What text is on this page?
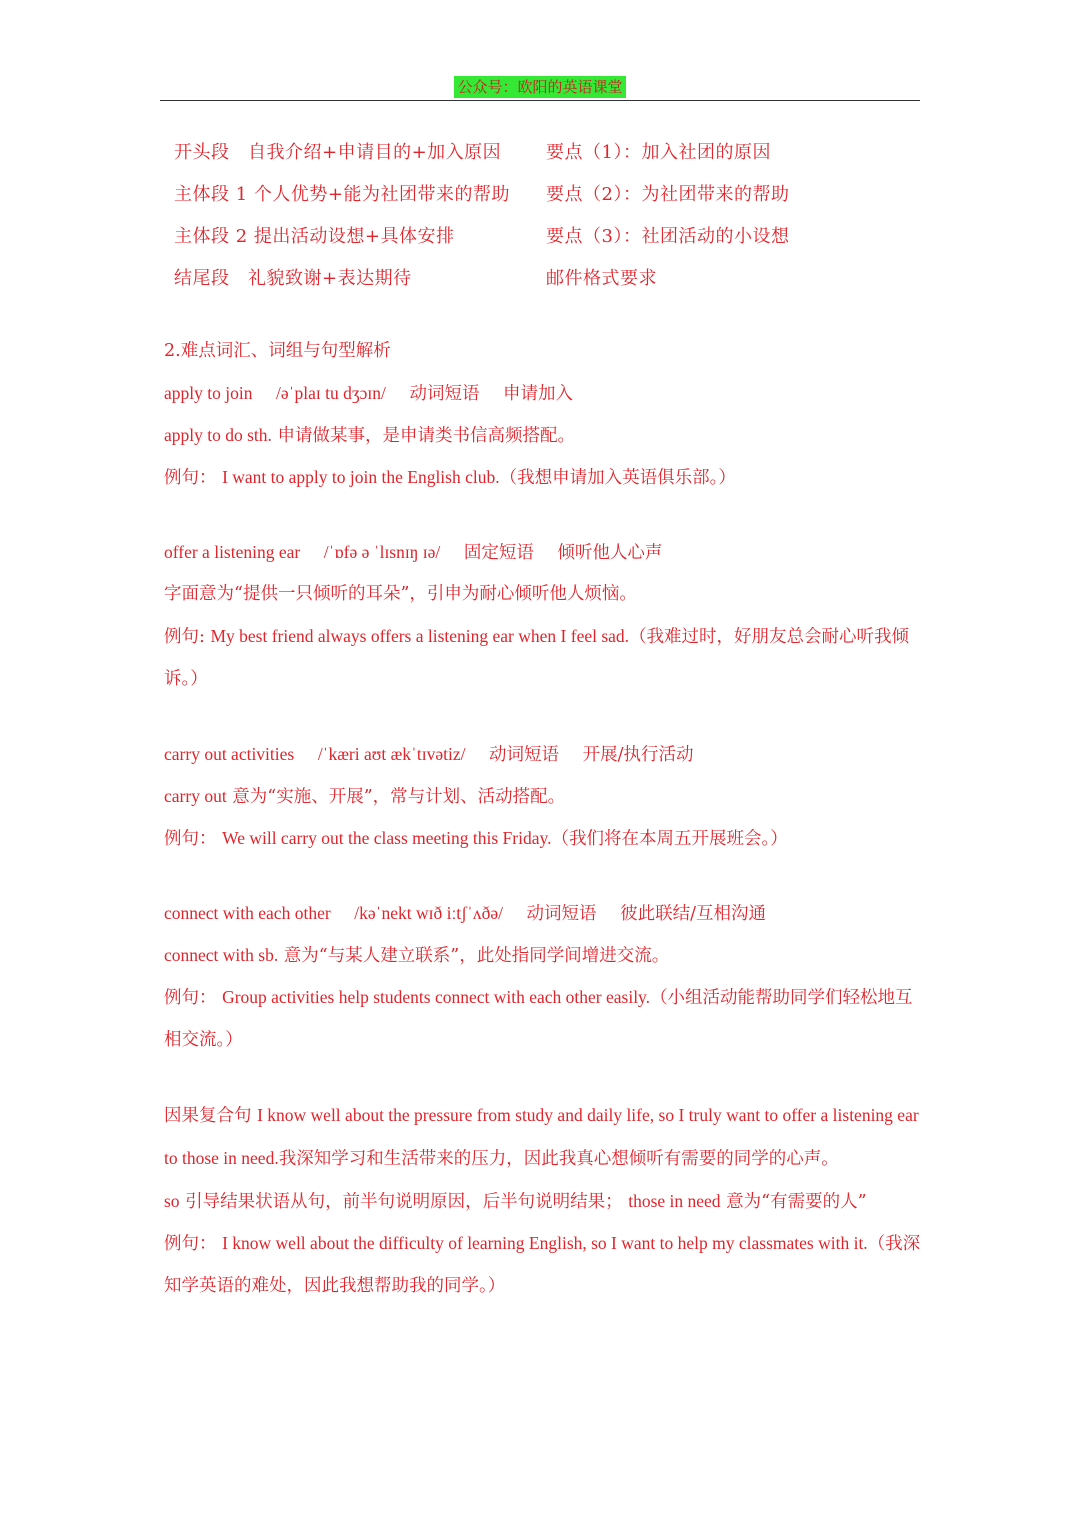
公众号：欧阳的英语课堂
开头段　自我介绍+申请目的+加入原因	要点（1）：加入社团的原因
主体段 1 个人优势+能为社团带来的帮助	要点（2）：为社团带来的帮助
主体段 2 提出活动设想+具体安排	要点（3）：社团活动的小设想
结尾段　礼貌致谢+表达期待	邮件格式要求
2.难点词汇、词组与句型解析
apply to join /əˈplaɪ tu dʒɔɪn/ 动词短语 申请加入
apply to do sth. 申请做某事，是申请类书信高频搭配。
例句： I want to apply to join the English club.（我想申请加入英语俱乐部。）
offer a listening ear /ˈɒfə ə ˈlɪsnɪŋ ɪə/ 固定短语 倾听他人心声
字面意为“提供一只倾听的耳朵”，引申为耐心倾听他人烦恼。
例句: My best friend always offers a listening ear when I feel sad.（我难过时，好朋友总会耐心听我倾诉。）
carry out activities /ˈkæri aʊt ækˈtɪvətiz/ 动词短语 开展/执行活动
carry out 意为“实施、开展”，常与计划、活动搭配。
例句： We will carry out the class meeting this Friday.（我们将在本周五开展班会。）
connect with each other /kəˈnekt wɪð iːtʃˈʌðə/ 动词短语 彼此联结/互相沟通
connect with sb. 意为“与某人建立联系”，此处指同学间增进交流。
例句： Group activities help students connect with each other easily.（小组活动能帮助同学们轻松地互相交流。）
因果复合句 I know well about the pressure from study and daily life, so I truly want to offer a listening ear to those in need.我深知学习和生活带来的压力，因此我真心想倾听有需要的同学的心声。
so 引导结果状语从句，前半句说明原因，后半句说明结果； those in need 意为“有需要的人”
例句： I know well about the difficulty of learning English, so I want to help my classmates with it.（我深知学英语的难处，因此我想帮助我的同学。）
